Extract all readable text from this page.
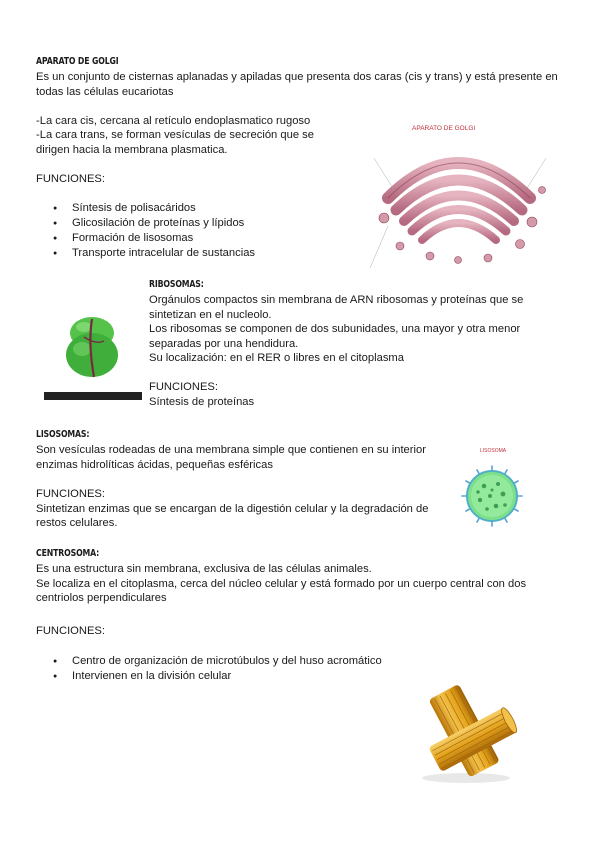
APARATO DE GOLGI
Es un conjunto de cisternas aplanadas y apiladas que presenta dos caras (cis y trans) y está presente en
todas las células eucariotas
-La cara cis, cercana al retículo endoplasmatico rugoso
-La cara trans, se forman vesículas de secreción que se
dirigen hacia la membrana plasmatica.
FUNCIONES:
● Síntesis de polisacáridos
● Glicosilación de proteínas y lípidos
● Formación de lisosomas
● Transporte intracelular de sustancias
APARATO DE GOLGI
RIBOSOMAS:
Orgánulos compactos sin membrana de ARN ribosomas y proteínas que se
sintetizan en el nucleolo.
Los ribosomas se componen de dos subunidades, una mayor y otra menor
separadas por una hendidura.
Su localización: en el RER o libres en el citoplasma
FUNCIONES:
Síntesis de proteínas
LISOSOMAS:
Son vesículas rodeadas de una membrana simple que contienen en su interior
enzimas hidrolíticas ácidas, pequeñas esféricas
FUNCIONES:
Sintetizan enzimas que se encargan de la digestión celular y la degradación de
restos celulares.
LISOSOMA
CENTROSOMA:
Es una estructura sin membrana, exclusiva de las células animales.
Se localiza en el citoplasma, cerca del núcleo celular y está formado por un cuerpo central con dos
centriolos perpendiculares
FUNCIONES:
● Centro de organización de microtúbulos y del huso acromático
● Intervienen en la división celular
